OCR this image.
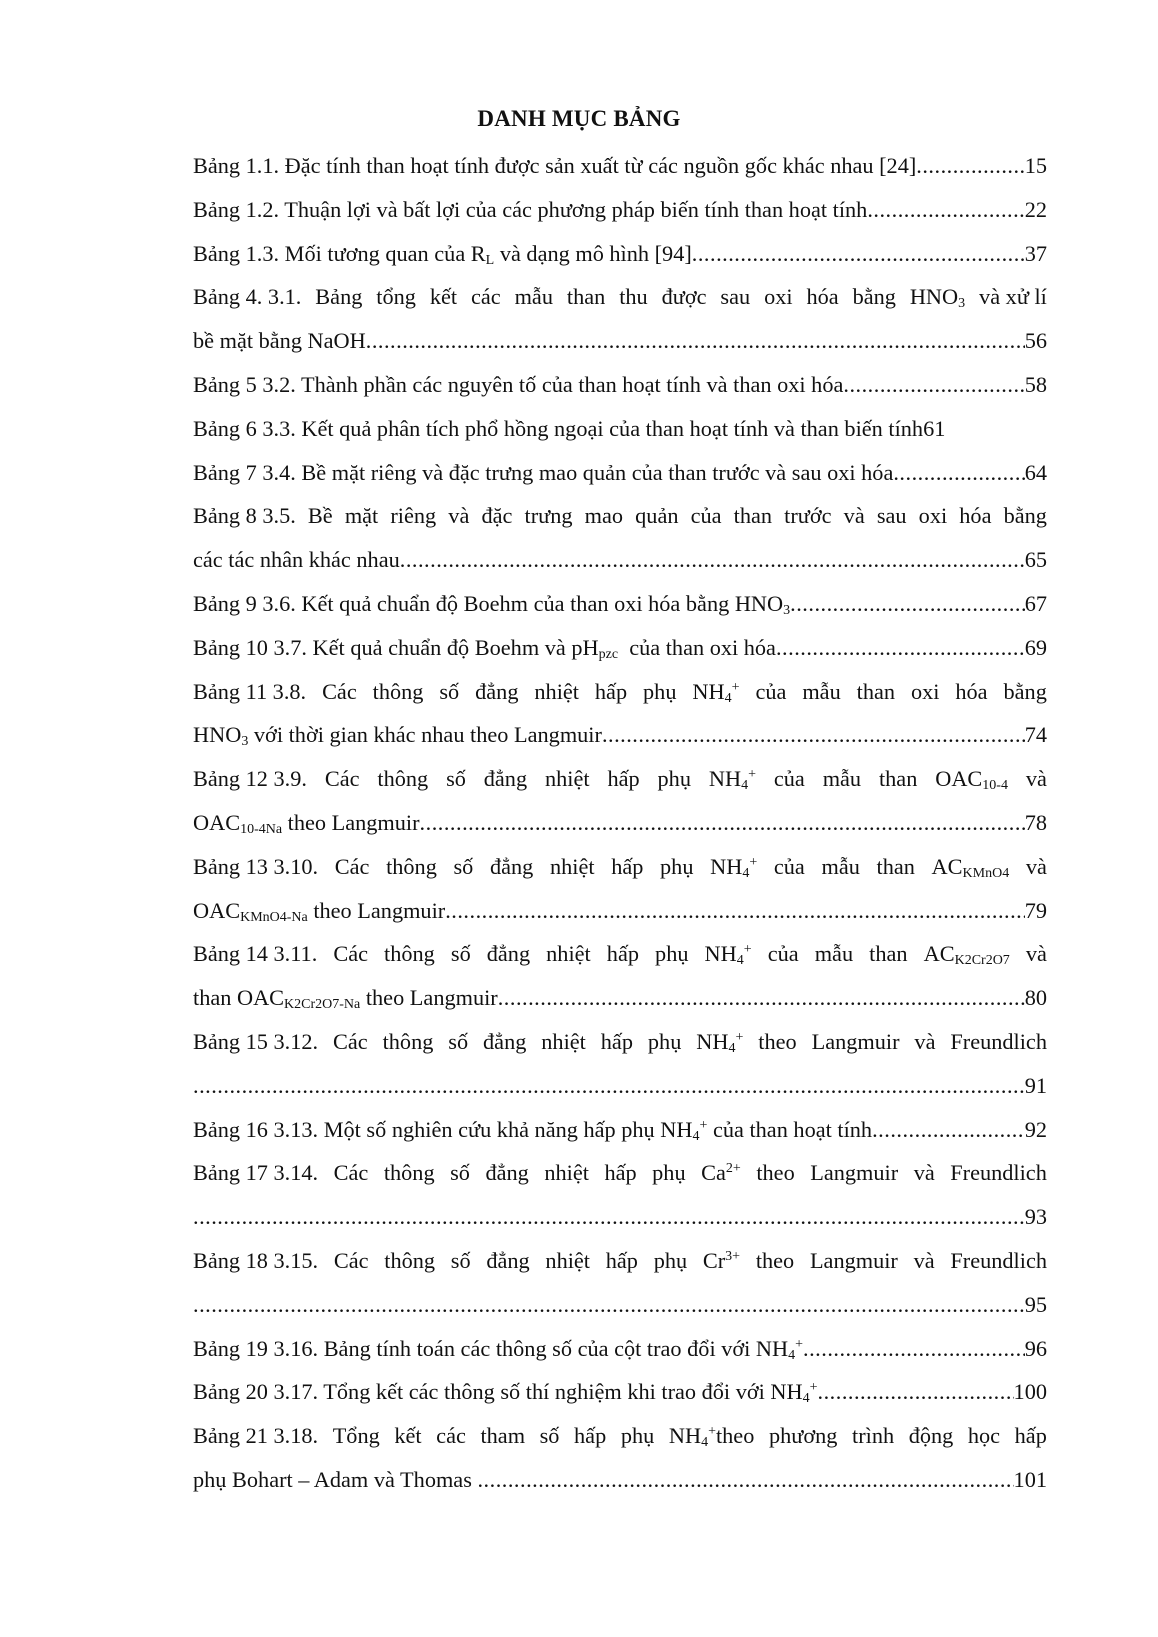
DANH MỤC BẢNG
Bảng 1.1. Đặc tính than hoạt tính được sản xuất từ các nguồn gốc khác nhau [24] .....	15
Bảng 1.2. Thuận lợi và bất lợi của các phương pháp biến tính than hoạt tính .....	22
Bảng 1.3. Mối tương quan của $R_L$ và dạng mô hình [94] .....	37
Bảng 4. 3.1. Bảng tổng kết các mẫu than thu được sau oxi hóa bằng $HNO_3$ và xử lí
bề mặt bằng NaOH .....	56
Bảng 5 3.2. Thành phần các nguyên tố của than hoạt tính và than oxi hóa .....	58
Bảng 6 3.3. Kết quả phân tích phổ hồng ngoại của than hoạt tính và than biến tính 61
Bảng 7 3.4. Bề mặt riêng và đặc trưng mao quản của than trước và sau oxi hóa .....	64
Bảng 8 3.5. Bề mặt riêng và đặc trưng mao quản của than trước và sau oxi hóa bằng
các tác nhân khác nhau .....	65
Bảng 9 3.6. Kết quả chuẩn độ Boehm của than oxi hóa bằng $HNO_3$ .....	67
Bảng 10 3.7. Kết quả chuẩn độ Boehm và $pH_{pzc}$ của than oxi hóa .....	69
Bảng 11 3.8. Các thông số đẳng nhiệt hấp phụ $NH_4^+$ của mẫu than oxi hóa bằng
$HNO_3$ với thời gian khác nhau theo Langmuir .....	74
Bảng 12 3.9. Các thông số đẳng nhiệt hấp phụ $NH_4^+$ của mẫu than $OAC_{10-4}$ và
$OAC_{10-4Na}$ theo Langmuir .....	78
Bảng 13 3.10. Các thông số đẳng nhiệt hấp phụ $NH_4^+$ của mẫu than $AC_{KMnO4}$ và
$OAC_{KMnO4-Na}$ theo Langmuir .....	79
Bảng 14 3.11. Các thông số đẳng nhiệt hấp phụ $NH_4^+$ của mẫu than $AC_{K2Cr2O7}$ và
than $OAC_{K2Cr2O7-Na}$ theo Langmuir .....	80
Bảng 15 3.12. Các thông số đẳng nhiệt hấp phụ $NH_4^+$ theo Langmuir và Freundlich
.....
91
Bảng 16 3.13. Một số nghiên cứu khả năng hấp phụ $NH_4^+$ của than hoạt tính .....	92
Bảng 17 3.14. Các thông số đẳng nhiệt hấp phụ $Ca^{2+}$ theo Langmuir và Freundlich
.....
93
Bảng 18 3.15. Các thông số đẳng nhiệt hấp phụ $Cr^{3+}$ theo Langmuir và Freundlich
.....
95
Bảng 19 3.16. Bảng tính toán các thông số của cột trao đổi với $NH_4^+$ .....	96
Bảng 20 3.17. Tổng kết các thông số thí nghiệm khi trao đổi với $NH_4^+$ .....	100
Bảng 21 3.18. Tổng kết các tham số hấp phụ $NH_4^+theo$ phương trình động học hấp
phụ Bohart – Adam và Thomas
.....	101
